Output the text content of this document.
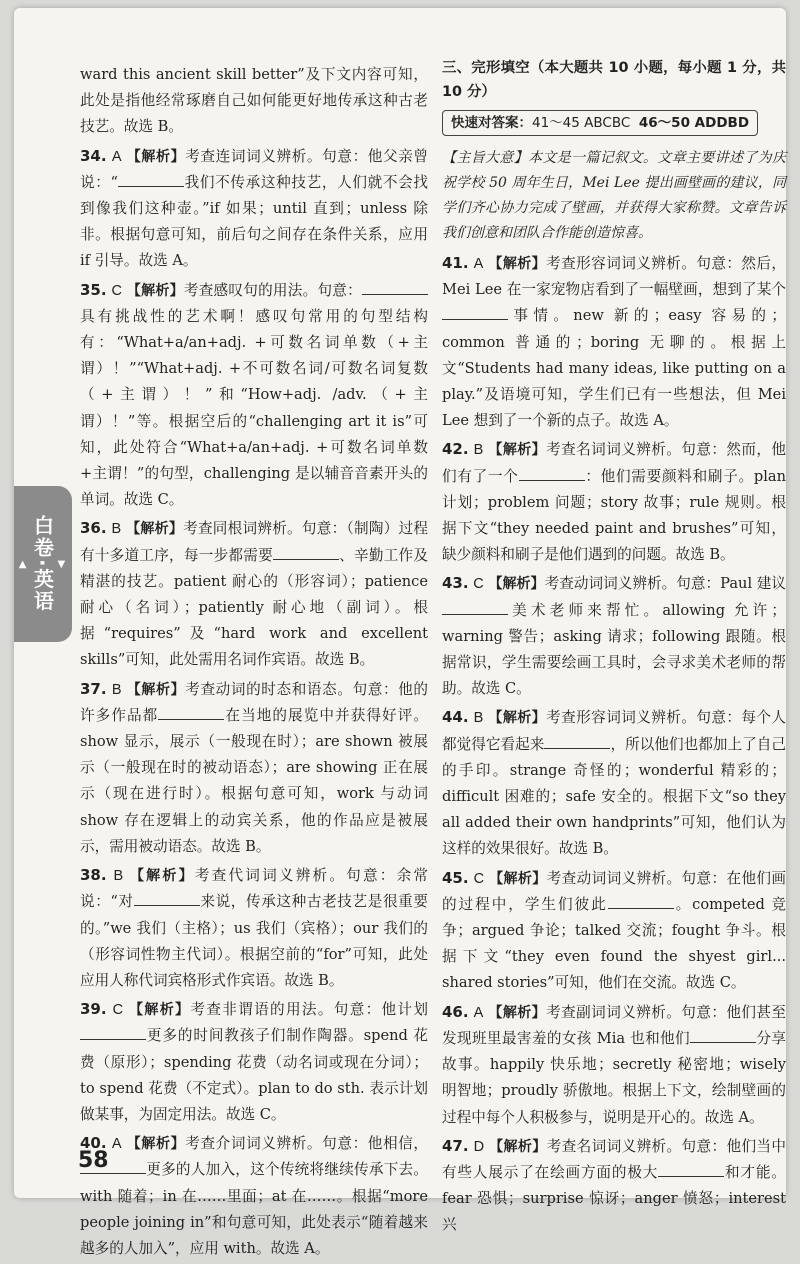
▼
白卷·英语
▲

ward this ancient skill better”及下文内容可知，此处是指他经常琢磨自己如何能更好地传承这种古老技艺。故选 B。

34. A 【解析】考查连词词义辨析。句意：他父亲曾说：“	我们不传承这种技艺，人们就不会找到像我们这种壶。”if 如果；until 直到；unless 除非。根据句意可知，前后句之间存在条件关系，应用 if 引导。故选 A。

35. C 【解析】考查感叹句的用法。句意：具有挑战性的艺术啊！感叹句常用的句型结构有：“What+a/an+adj. +可数名词单数（+主谓）！”“What+adj. +不可数名词/可数名词复数（+主谓）！”和“How+adj. /adv.（+主谓）！”等。根据空后的“challenging art it is”可知，此处符合“What+a/an+adj. +可数名词单数+主谓！”的句型，challenging 是以辅音音素开头的单词。故选 C。

36. B 【解析】考查同根词辨析。句意：（制陶）过程有十多道工序，每一步都需要	、辛勤工作及精湛的技艺。patient 耐心的（形容词）；patience 耐心（名词）；patiently 耐心地（副词）。根据“requires”及“hard work and excellent skills”可知，此处需用名词作宾语。故选 B。

37. B 【解析】考查动词的时态和语态。句意：他的许多作品都	在当地的展览中并获得好评。show 显示，展示（一般现在时）；are shown 被展示（一般现在时的被动语态）；are showing 正在展示（现在进行时）。根据句意可知，work 与动词 show 存在逻辑上的动宾关系，他的作品应是被展示，需用被动语态。故选 B。

38. B 【解析】考查代词词义辨析。句意：余常说：“对	来说，传承这种古老技艺是很重要的。”we 我们（主格）；us 我们（宾格）；our 我们的（形容词性物主代词）。根据空前的“for”可知，此处应用人称代词宾格形式作宾语。故选 B。

39. C 【解析】考查非谓语的用法。句意：他计划更多的时间教孩子们制作陶器。spend 花费（原形）；spending 花费（动名词或现在分词）；to spend 花费（不定式）。plan to do sth. 表示计划做某事，为固定用法。故选 C。

40. A 【解析】考查介词词义辨析。句意：他相信，更多的人加入，这个传统将继续传承下去。with 随着；in 在……里面；at 在……。根据“more people joining in”和句意可知，此处表示“随着越来越多的人加入”，应用 with。故选 A。

三、完形填空（本大题共 10 小题，每小题 1 分，共 10 分）
快速对答案：41～45 ABCBC 46～50 ADDBD
【主旨大意】本文是一篇记叙文。文章主要讲述了为庆祝学校 50 周年生日，Mei Lee 提出画壁画的建议，同学们齐心协力完成了壁画，并获得大家称赞。文章告诉我们创意和团队合作能创造惊喜。

41. A 【解析】考查形容词词义辨析。句意：然后，Mei Lee 在一家宠物店看到了一幅壁画，想到了某个事情。new 新的；easy 容易的；common 普通的；boring 无聊的。根据上文“Students had many ideas, like putting on a play.”及语境可知，学生们已有一些想法，但 Mei Lee 想到了一个新的点子。故选 A。

42. B 【解析】考查名词词义辨析。句意：然而，他们有了一个	：他们需要颜料和刷子。plan 计划；problem 问题；story 故事；rule 规则。根据下文“they needed paint and brushes”可知，缺少颜料和刷子是他们遇到的问题。故选 B。

43. C 【解析】考查动词词义辨析。句意：Paul 建议美术老师来帮忙。allowing 允许；warning 警告；asking 请求；following 跟随。根据常识，学生需要绘画工具时，会寻求美术老师的帮助。故选 C。

44. B 【解析】考查形容词词义辨析。句意：每个人都觉得它看起来	，所以他们也都加上了自己的手印。strange 奇怪的；wonderful 精彩的；difficult 困难的；safe 安全的。根据下文“so they all added their own handprints”可知，他们认为这样的效果很好。故选 B。

45. C 【解析】考查动词词义辨析。句意：在他们画的过程中，学生们彼此	。competed 竞争；argued 争论；talked 交流；fought 争斗。根据下文“they even found the shyest girl... shared stories”可知，他们在交流。故选 C。

46. A 【解析】考查副词词义辨析。句意：他们甚至发现班里最害羞的女孩 Mia 也和他们	分享故事。happily 快乐地；secretly 秘密地；wisely 明智地；proudly 骄傲地。根据上下文，绘制壁画的过程中每个人积极参与，说明是开心的。故选 A。

47. D 【解析】考查名词词义辨析。句意：他们当中有些人展示了在绘画方面的极大	和才能。fear 恐惧；surprise 惊讶；anger 愤怒；interest 兴

58
